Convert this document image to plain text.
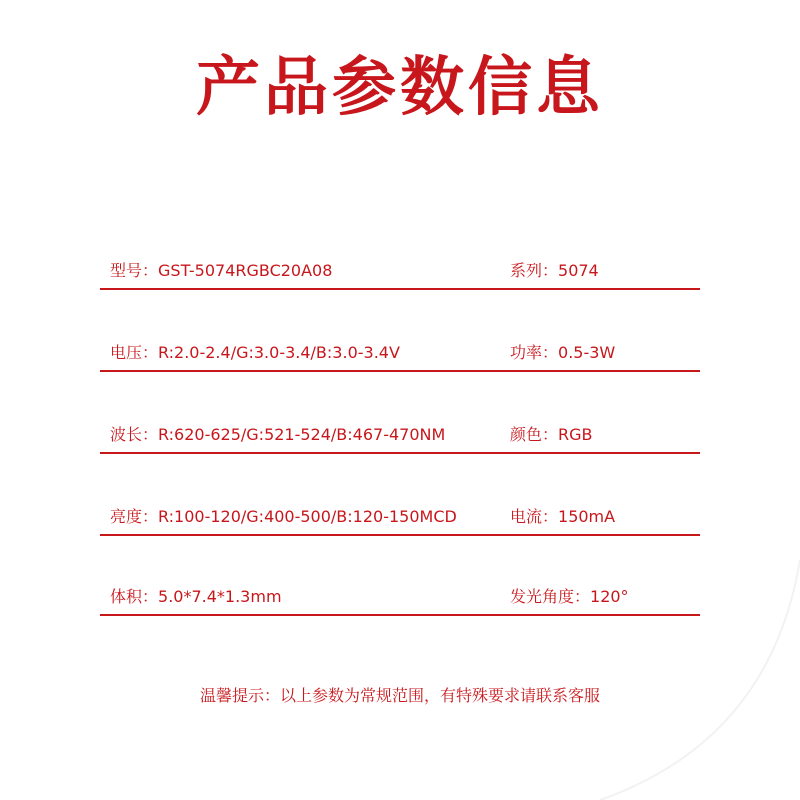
产品参数信息
型号：GST-5074RGBC20A08	系列：5074
电压：R:2.0-2.4/G:3.0-3.4/B:3.0-3.4V	功率：0.5-3W
波长：R:620-625/G:521-524/B:467-470NM	颜色：RGB
亮度：R:100-120/G:400-500/B:120-150MCD	电流：150mA
体积：5.0*7.4*1.3mm	发光角度：120°
温馨提示：以上参数为常规范围，有特殊要求请联系客服
